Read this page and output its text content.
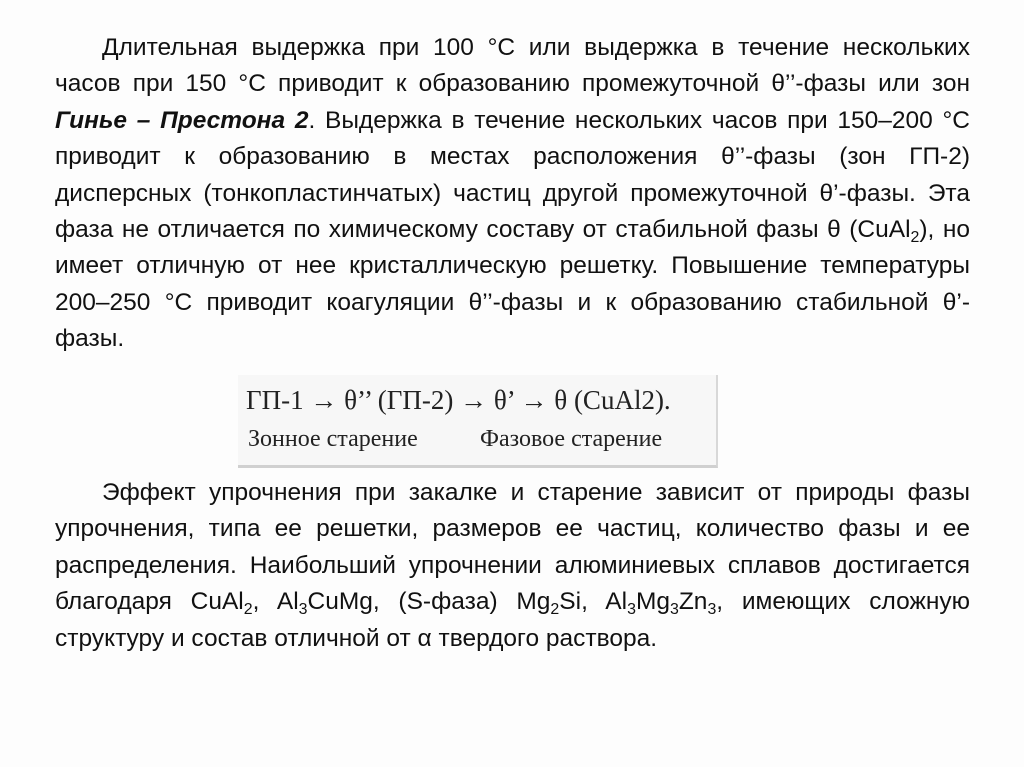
Длительная выдержка при 100 °С или выдержка в течение нескольких часов при 150 °С приводит к образованию промежуточной θ’’-фазы или зон Гинье – Престона 2. Выдержка в течение нескольких часов при 150–200 °С приводит к образованию в местах расположения θ’’-фазы (зон ГП-2) дисперсных (тонкопластинчатых) частиц другой промежуточной θ’-фазы. Эта фаза не отличается по химическому составу от стабильной фазы θ (CuAl$_2$), но имеет отличную от нее кристаллическую решетку. Повышение температуры 200–250 °С приводит коагуляции θ’’-фазы и к образованию стабильной θ’-фазы.

ГП-1 → θ’’ (ГП-2) → θ’ → θ (CuAl2).
Зонное старение	Фазовое старение

Эффект упрочнения при закалке и старение зависит от природы фазы упрочнения, типа ее решетки, размеров ее частиц, количество фазы и ее распределения. Наибольший упрочнении алюминиевых сплавов достигается благодаря CuAl$_2$, $Al_3CuMg$, (S-фаза) $Mg_2Si$, $Al_3Mg_3Zn_3$, имеющих сложную структуру и состав отличной от α твердого раствора.
